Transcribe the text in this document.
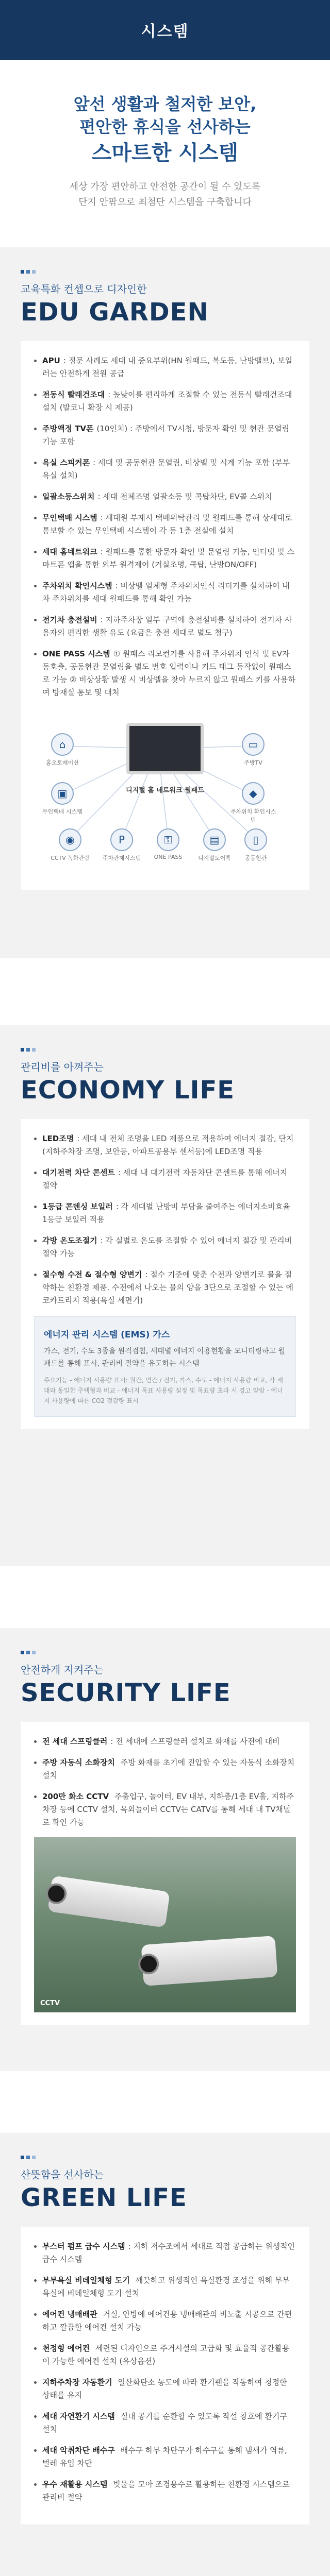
시스템
앞선 생활과 철저한 보안,
편안한 휴식을 선사하는
스마트한 시스템
세상 가장 편안하고 안전한 공간이 될 수 있도록
단지 안팎으로 최첨단 시스템을 구축합니다
교육특화 컨셉으로 디자인한
EDU GARDEN
APU : 정문 사례도 세대 내 중요부위(HN 월패드, 복도등, 난방밸브), 보일러는 안전하게 전원 공급
전동식 빨래건조대 : 높낮이를 편리하게 조절할 수 있는 전동식 빨래건조대 설치 (발코니 확장 시 제공)
주방액정 TV폰 (10인치) : 주방에서 TV시청, 방문자 확인 및 현관 문열림 기능 포함
욕실 스피커폰 : 세대 및 공동현관 문열림, 비상벨 및 시계 기능 포함 (부부욕실 설치)
일괄소등스위치 : 세대 전체조명 일괄소등 및 콕탑차단, EV콜 스위치
무인택배 시스템 : 세대원 부재시 택배위탁관리 및 월패드를 통해 상세대로 통보할 수 있는 무인택배 시스템이 각 동 1층 전실에 설치
세대 홈네트워크 : 월패드를 통한 방문자 확인 및 문열림 기능, 인터넷 및 스마트폰 앱을 통한 외부 원격제어 (거실조명, 쿡탑, 난방ON/OFF)
주차위치 확인시스템 : 비상벨 일체형 주차위치인식 리더기를 설치하여 내 차 주차위치를 세대 월패드를 통해 확인 가능
전기차 충전설비 : 지하주차장 일부 구역에 충전설비를 설치하여 전기차 사용자의 편리한 생활 유도 (요금은 충전 세대로 별도 청구)
ONE PASS 시스템 ① 원패스 리모컨키를 사용해 주차위치 인식 및 EV자동호출, 공동현관 문열림을 별도 번호 입력이나 키드 태그 동작없이 원패스로 가능 ② 비상상황 발생 시 비상벨을 찾아 누르지 않고 원패스 키를 사용하여 방재실 통보 및 대처
디지털 홈 네트워크 월패드
⌂
홈오토메이션
▭
주방TV
▣
무인택배 시스템
◆
주차위치 확인시스템
◉
CCTV 녹화관람
P
주차관제시스템
⚿
ONE PASS
▤
디지털도어록
▯
공동현관
관리비를 아껴주는
ECONOMY LIFE
LED조명 : 세대 내 전체 조명을 LED 제품으로 적용하여 에너지 절감, 단지(지하주차장 조명, 보안등, 아파트공용부 센서등)에 LED조명 적용
대기전력 차단 콘센트 : 세대 내 대기전력 자동차단 콘센트를 통해 에너지 절약
1등급 콘덴싱 보일러 : 각 세대별 난방비 부담을 줄여주는 에너지소비효율 1등급 보일러 적용
각방 온도조절기 : 각 실별로 온도를 조절할 수 있어 에너지 절감 및 관리비 절약 가능
절수형 수전 & 절수형 양변기 : 절수 기준에 맞춘 수전과 양변기로 물을 절약하는 친환경 제품. 수전에서 나오는 물의 양을 3단으로 조절할 수 있는 에코카트리지 적용(욕실 세면기)
에너지 관리 시스템 (EMS) 가스

가스, 전기, 수도 3종을 원격검침, 세대별 에너지 이용현황을 모니터링하고 월패드를 통해 표시, 관리비 절약을 유도하는 시스템

주요기능 - 에너지 사용량 표시: 월간, 연간 / 전기, 가스, 수도 - 에너지 사용량 비교, 각 세대와 동일한 주택형과 비교 - 에너지 목표 사용량 설정 및 목표량 초과 시 경고 알람 - 에너지 사용량에 따른 CO2 절감량 표시
안전하게 지켜주는
SECURITY LIFE
전 세대 스프링클러 : 전 세대에 스프링클러 설치로 화재를 사전에 대비
주방 자동식 소화장치 주방 화재를 초기에 진압할 수 있는 자동식 소화장치 설치
200만 화소 CCTV 주출입구, 놀이터, EV 내부, 지하층/1층 EV홀, 지하주차장 등에 CCTV 설치, 옥외놀이터 CCTV는 CATV를 통해 세대 내 TV채널로 확인 가능
CCTV
산뜻함을 선사하는
GREEN LIFE
부스터 펌프 급수 시스템 : 지하 저수조에서 세대로 직접 공급하는 위생적인 급수 시스템
부부욕실 비데일체형 도기 깨끗하고 위생적인 욕실환경 조성을 위해 부부욕실에 비데일체형 도기 설치
에어컨 냉매배관 거실, 안방에 에어컨용 냉매배관의 비노출 시공으로 간편하고 깔끔한 에어컨 설치 가능
천정형 에어컨 세련된 디자인으로 주거시설의 고급화 및 효율적 공간활용이 가능한 에어컨 설치 (유상옵션)
지하주차장 자동환기 일산화탄소 농도에 따라 환기팬을 작동하여 청정한 상태를 유지
세대 자연환기 시스템 실내 공기를 순환할 수 있도록 작설 창호에 환기구 설치
세대 악취차단 배수구 배수구 하부 차단구가 하수구를 통해 냄새가 역류, 벌레 유입 차단
우수 재활용 시스템 빗물을 모아 조경용수로 활용하는 친환경 시스템으로 관리비 절약
